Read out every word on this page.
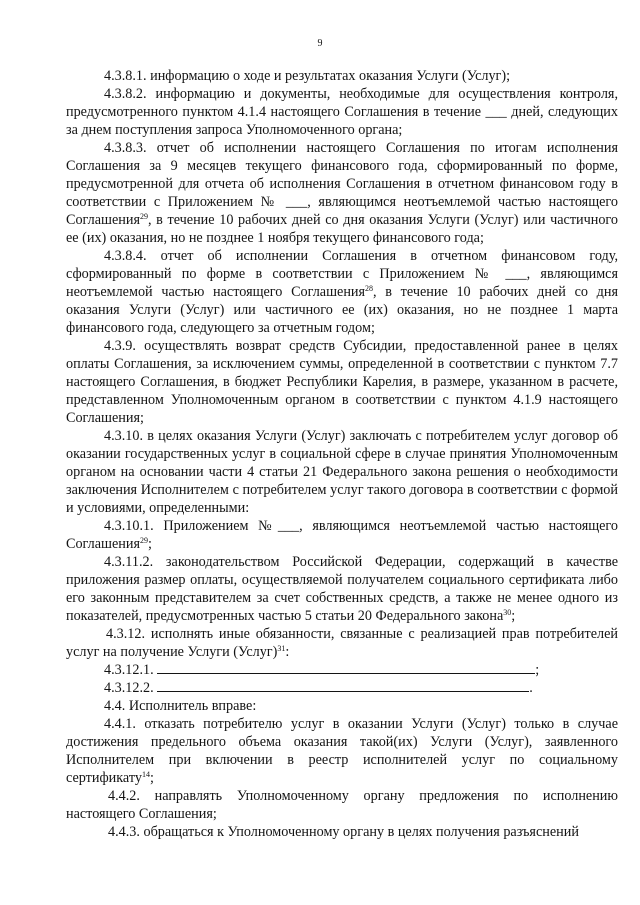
9

4.3.8.1. информацию о ходе и результатах оказания Услуги (Услуг);

4.3.8.2. информацию и документы, необходимые для осуществления контроля, предусмотренного пунктом 4.1.4 настоящего Соглашения в течение ___ дней, следующих за днем поступления запроса Уполномоченного органа;

4.3.8.3. отчет об исполнении настоящего Соглашения по итогам исполнения Соглашения за 9 месяцев текущего финансового года, сформированный по форме, предусмотренной для отчета об исполнения Соглашения в отчетном финансовом году в соответствии с Приложением № ___, являющимся неотъемлемой частью настоящего Соглашения$^{29}$, в течение 10 рабочих дней со дня оказания Услуги (Услуг) или частичного ее (их) оказания, но не позднее 1 ноября текущего финансового года;

4.3.8.4. отчет об исполнении Соглашения в отчетном финансовом году, сформированный по форме в соответствии с Приложением № ___, являющимся неотъемлемой частью настоящего Соглашения$^{28}$, в течение 10 рабочих дней со дня оказания Услуги (Услуг) или частичного ее (их) оказания, но не позднее 1 марта финансового года, следующего за отчетным годом;

4.3.9. осуществлять возврат средств Субсидии, предоставленной ранее в целях оплаты Соглашения, за исключением суммы, определенной в соответствии с пунктом 7.7 настоящего Соглашения, в бюджет Республики Карелия, в размере, указанном в расчете, представленном Уполномоченным органом в соответствии с пунктом 4.1.9 настоящего Соглашения;

4.3.10. в целях оказания Услуги (Услуг) заключать с потребителем услуг договор об оказании государственных услуг в социальной сфере в случае принятия Уполномоченным органом на основании части 4 статьи 21 Федерального закона решения о необходимости заключения Исполнителем с потребителем услуг такого договора в соответствии с формой и условиями, определенными:

4.3.10.1. Приложением №___, являющимся неотъемлемой частью настоящего Соглашения$^{29}$;

4.3.11.2. законодательством Российской Федерации, содержащий в качестве приложения размер оплаты, осуществляемой получателем социального сертификата либо его законным представителем за счет собственных средств, а также не менее одного из показателей, предусмотренных частью 5 статьи 20 Федерального закона$^{30}$;

4.3.12. исполнять иные обязанности, связанные с реализацией прав потребителей услуг на получение Услуги (Услуг)$^{31}$:

4.3.12.1.	;
4.3.12.2.	.

4.4. Исполнитель вправе:

4.4.1. отказать потребителю услуг в оказании Услуги (Услуг) только в случае достижения предельного объема оказания такой(их) Услуги (Услуг), заявленного Исполнителем при включении в реестр исполнителей услуг по социальному сертификату$^{14}$;

4.4.2. направлять Уполномоченному органу предложения по исполнению настоящего Соглашения;

4.4.3. обращаться к Уполномоченному органу в целях получения разъяснений
